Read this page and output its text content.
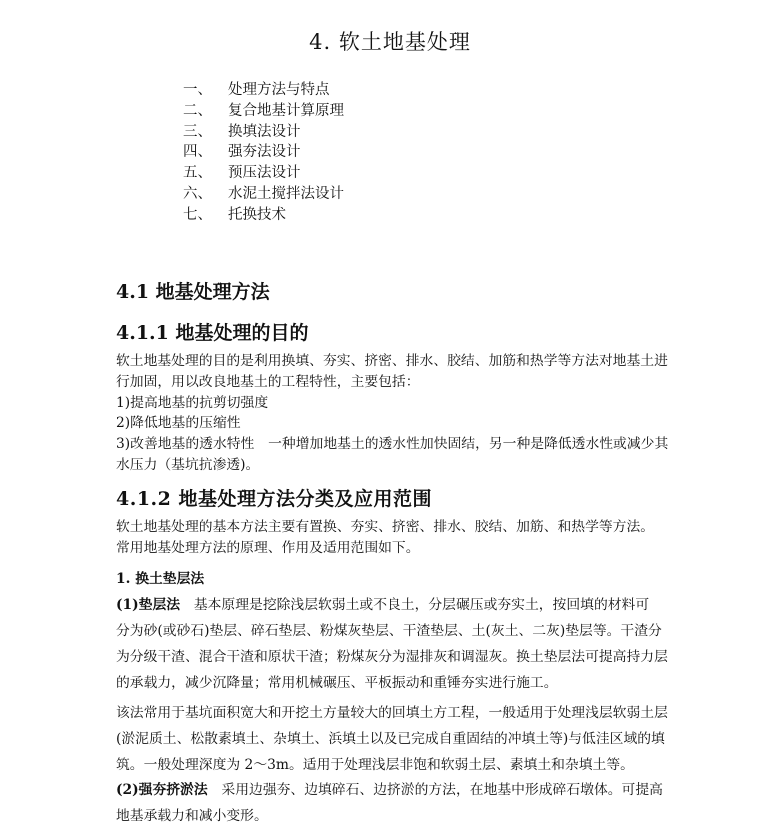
4. 软土地基处理
一、 处理方法与特点
二、 复合地基计算原理
三、 换填法设计
四、 强夯法设计
五、 预压法设计
六、 水泥土搅拌法设计
七、 托换技术
4.1 地基处理方法
4.1.1 地基处理的目的
软土地基处理的目的是利用换填、夯实、挤密、排水、胶结、加筋和热学等方法对地基土进
行加固，用以改良地基土的工程特性，主要包括：
1)提高地基的抗剪切强度
2)降低地基的压缩性
3)改善地基的透水特性　一种增加地基土的透水性加快固结，另一种是降低透水性或减少其
水压力（基坑抗渗透)。
4.1.2 地基处理方法分类及应用范围
软土地基处理的基本方法主要有置换、夯实、挤密、排水、胶结、加筋、和热学等方法。
常用地基处理方法的原理、作用及适用范围如下。
1. 换土垫层法
(1)垫层法　基本原理是挖除浅层软弱土或不良土，分层碾压或夯实土，按回填的材料可
分为砂(或砂石)垫层、碎石垫层、粉煤灰垫层、干渣垫层、土(灰土、二灰)垫层等。干渣分
为分级干渣、混合干渣和原状干渣；粉煤灰分为湿排灰和调湿灰。换土垫层法可提高持力层
的承载力，减少沉降量；常用机械碾压、平板振动和重锤夯实进行施工。
该法常用于基坑面积宽大和开挖土方量较大的回填土方工程，一般适用于处理浅层软弱土层
(淤泥质土、松散素填土、杂填土、浜填土以及已完成自重固结的冲填土等)与低洼区域的填
筑。一般处理深度为 2～3m。适用于处理浅层非饱和软弱土层、素填土和杂填土等。
(2)强夯挤淤法　采用边强夯、边填碎石、边挤淤的方法，在地基中形成碎石墩体。可提高
地基承载力和减小变形。
